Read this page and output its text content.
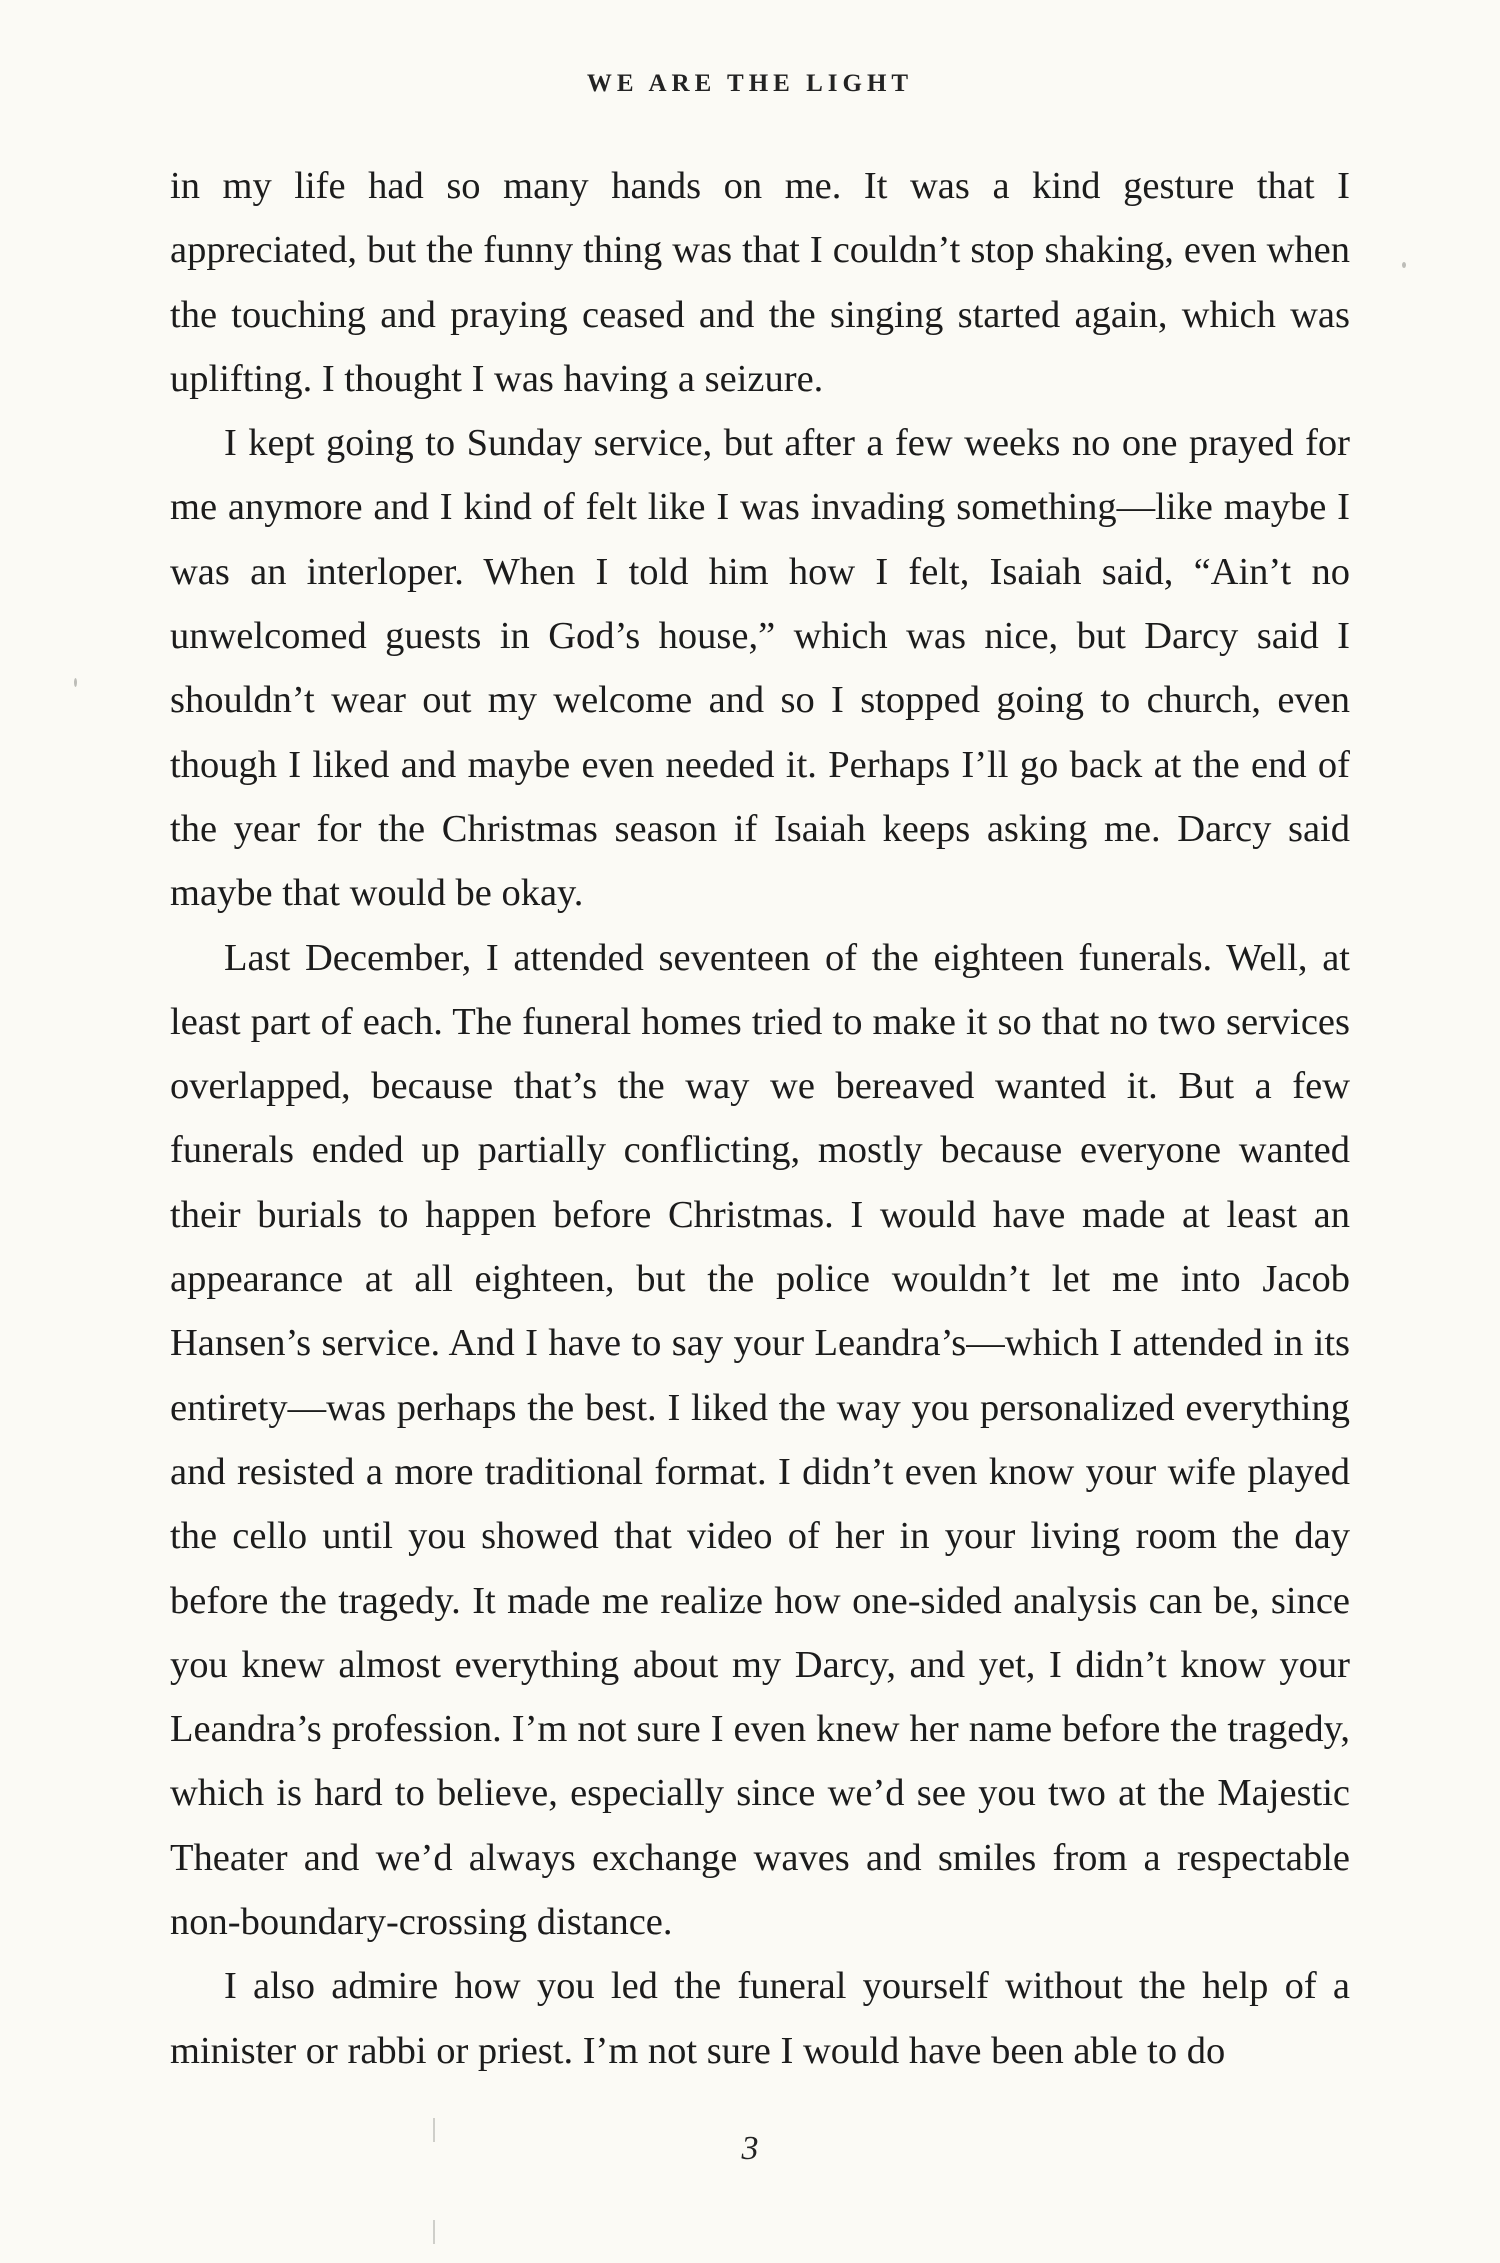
WE ARE THE LIGHT

in my life had so many hands on me. It was a kind gesture that I appreciated, but the funny thing was that I couldn’t stop shaking, even when the touching and praying ceased and the singing started again, which was uplifting. I thought I was having a seizure.

I kept going to Sunday service, but after a few weeks no one prayed for me anymore and I kind of felt like I was invading something—like maybe I was an interloper. When I told him how I felt, Isaiah said, “Ain’t no unwelcomed guests in God’s house,” which was nice, but Darcy said I shouldn’t wear out my welcome and so I stopped going to church, even though I liked and maybe even needed it. Perhaps I’ll go back at the end of the year for the Christmas season if Isaiah keeps asking me. Darcy said maybe that would be okay.

Last December, I attended seventeen of the eighteen funerals. Well, at least part of each. The funeral homes tried to make it so that no two services overlapped, because that’s the way we bereaved wanted it. But a few funerals ended up partially conflicting, mostly because everyone wanted their burials to happen before Christmas. I would have made at least an appearance at all eighteen, but the police wouldn’t let me into Jacob Hansen’s service. And I have to say your Leandra’s—which I attended in its entirety—was perhaps the best. I liked the way you personalized everything and resisted a more traditional format. I didn’t even know your wife played the cello until you showed that video of her in your living room the day before the tragedy. It made me realize how one-sided analysis can be, since you knew almost everything about my Darcy, and yet, I didn’t know your Leandra’s profession. I’m not sure I even knew her name before the tragedy, which is hard to believe, especially since we’d see you two at the Majestic Theater and we’d always exchange waves and smiles from a respectable non-boundary-crossing distance.

I also admire how you led the funeral yourself without the help of a minister or rabbi or priest. I’m not sure I would have been able to do

3
